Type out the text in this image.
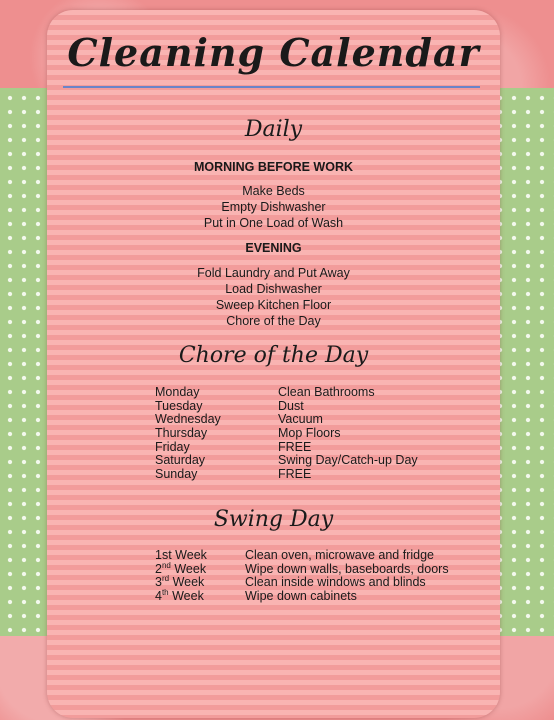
Cleaning Calendar
Daily
MORNING BEFORE WORK
Make Beds
Empty Dishwasher
Put in One Load of Wash
EVENING
Fold Laundry and Put Away
Load Dishwasher
Sweep Kitchen Floor
Chore of the Day
Chore of the Day
Monday	Clean Bathrooms
Tuesday	Dust
Wednesday	Vacuum
Thursday	Mop Floors
Friday	FREE
Saturday	Swing Day/Catch-up Day
Sunday	FREE
Swing Day
1st Week	Clean oven, microwave and fridge
2nd Week	Wipe down walls, baseboards, doors
3rd Week	Clean inside windows and blinds
4th Week	Wipe down cabinets
